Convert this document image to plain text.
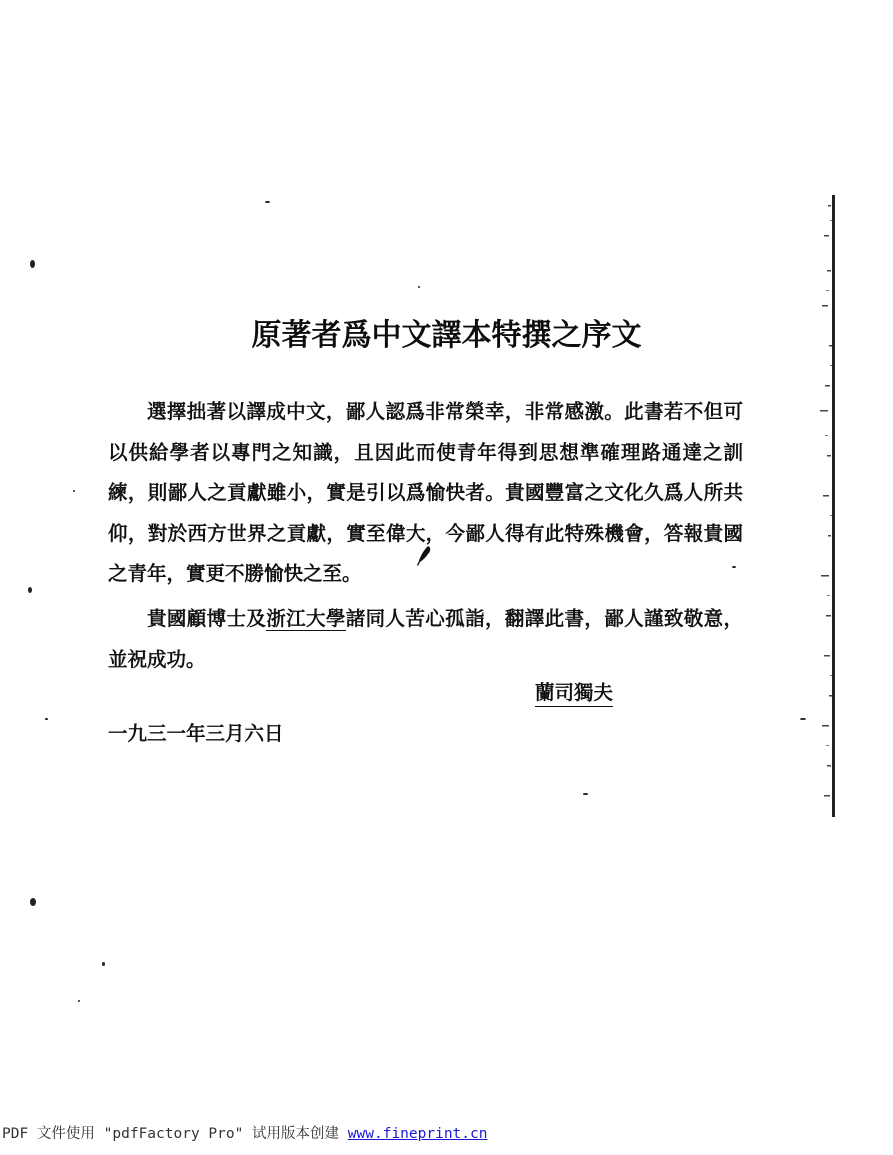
原著者爲中文譯本特撰之序文

選擇拙著以譯成中文，鄙人認爲非常榮幸，非常感激。此書若不但可以供給學者以專門之知識，且因此而使青年得到思想準確理路通達之訓練，則鄙人之貢獻雖小，實是引以爲愉快者。貴國豐富之文化久爲人所共仰，對於西方世界之貢獻，實至偉大，今鄙人得有此特殊機會，答報貴國之青年，實更不勝愉快之至。

貴國顧博士及浙江大學諸同人苦心孤詣，翻譯此書，鄙人謹致敬意，並祝成功。

蘭司獨夫
一九三一年三月六日
PDF 文件使用 "pdfFactory Pro" 试用版本创建 www.fineprint.cn
